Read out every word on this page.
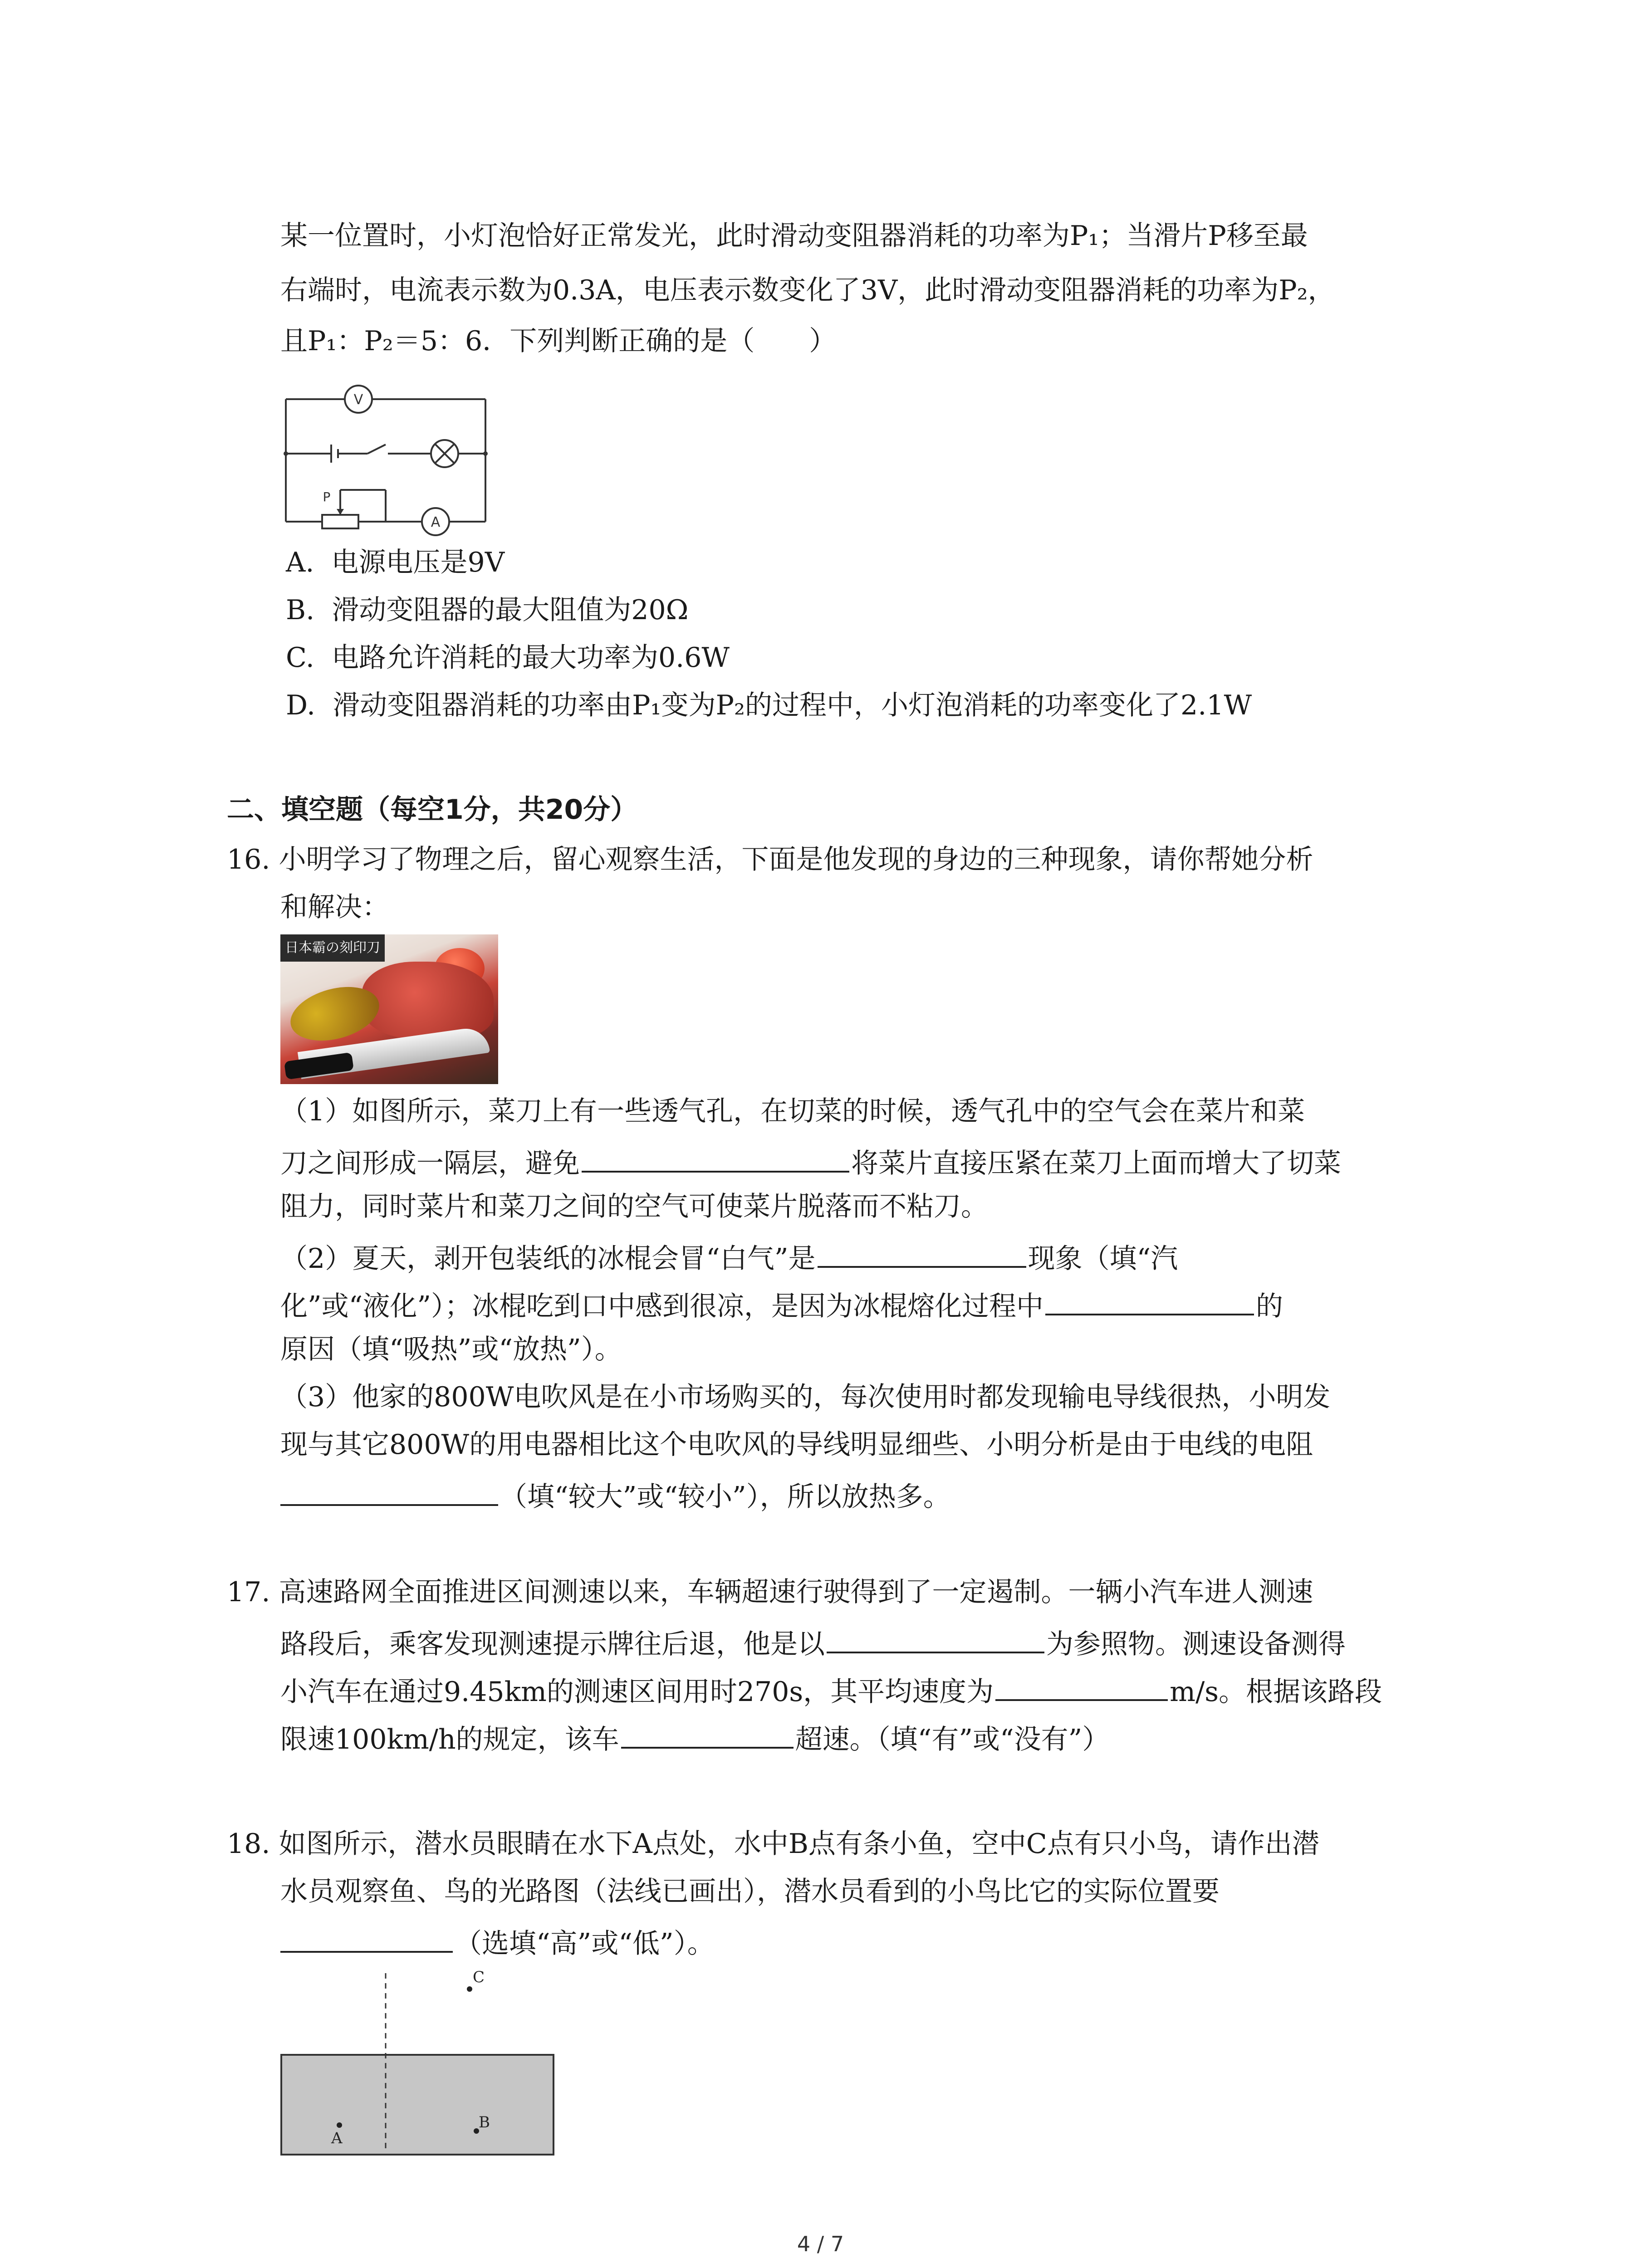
某一位置时，小灯泡恰好正常发光，此时滑动变阻器消耗的功率为P₁；当滑片P移至最
右端时，电流表示数为0.3A，电压表示数变化了3V，此时滑动变阻器消耗的功率为P₂，
且P₁：P₂＝5：6．下列判断正确的是（　　）
V
A
P
A.  电源电压是9V
B.  滑动变阻器的最大阻值为20Ω
C.  电路允许消耗的最大功率为0.6W
D.  滑动变阻器消耗的功率由P₁变为P₂的过程中，小灯泡消耗的功率变化了2.1W
二、填空题（每空1分，共20分）
16. 小明学习了物理之后，留心观察生活，下面是他发现的身边的三种现象，请你帮她分析
和解决：
日本霸の刻印刀
（1）如图所示，菜刀上有一些透气孔，在切菜的时候，透气孔中的空气会在菜片和菜
刀之间形成一隔层，避免	将菜片直接压紧在菜刀上面而增大了切菜
阻力，同时菜片和菜刀之间的空气可使菜片脱落而不粘刀。
（2）夏天，剥开包装纸的冰棍会冒“白气”是	现象（填“汽
化”或“液化”）；冰棍吃到口中感到很凉，是因为冰棍熔化过程中	的
原因（填“吸热”或“放热”）。
（3）他家的800W电吹风是在小市场购买的，每次使用时都发现输电导线很热，小明发
现与其它800W的用电器相比这个电吹风的导线明显细些、小明分析是由于电线的电阻
（填“较大”或“较小”），所以放热多。
17. 高速路网全面推进区间测速以来，车辆超速行驶得到了一定遏制。一辆小汽车进人测速
路段后，乘客发现测速提示牌往后退，他是以	为参照物。测速设备测得
小汽车在通过9.45km的测速区间用时270s，其平均速度为	m/s。根据该路段
限速100km/h的规定，该车	超速。（填“有”或“没有”）
18. 如图所示，潜水员眼睛在水下A点处，水中B点有条小鱼，空中C点有只小鸟，请作出潜
水员观察鱼、鸟的光路图（法线已画出），潜水员看到的小鸟比它的实际位置要
（选填“高”或“低”）。
C
A
B
4 / 7
